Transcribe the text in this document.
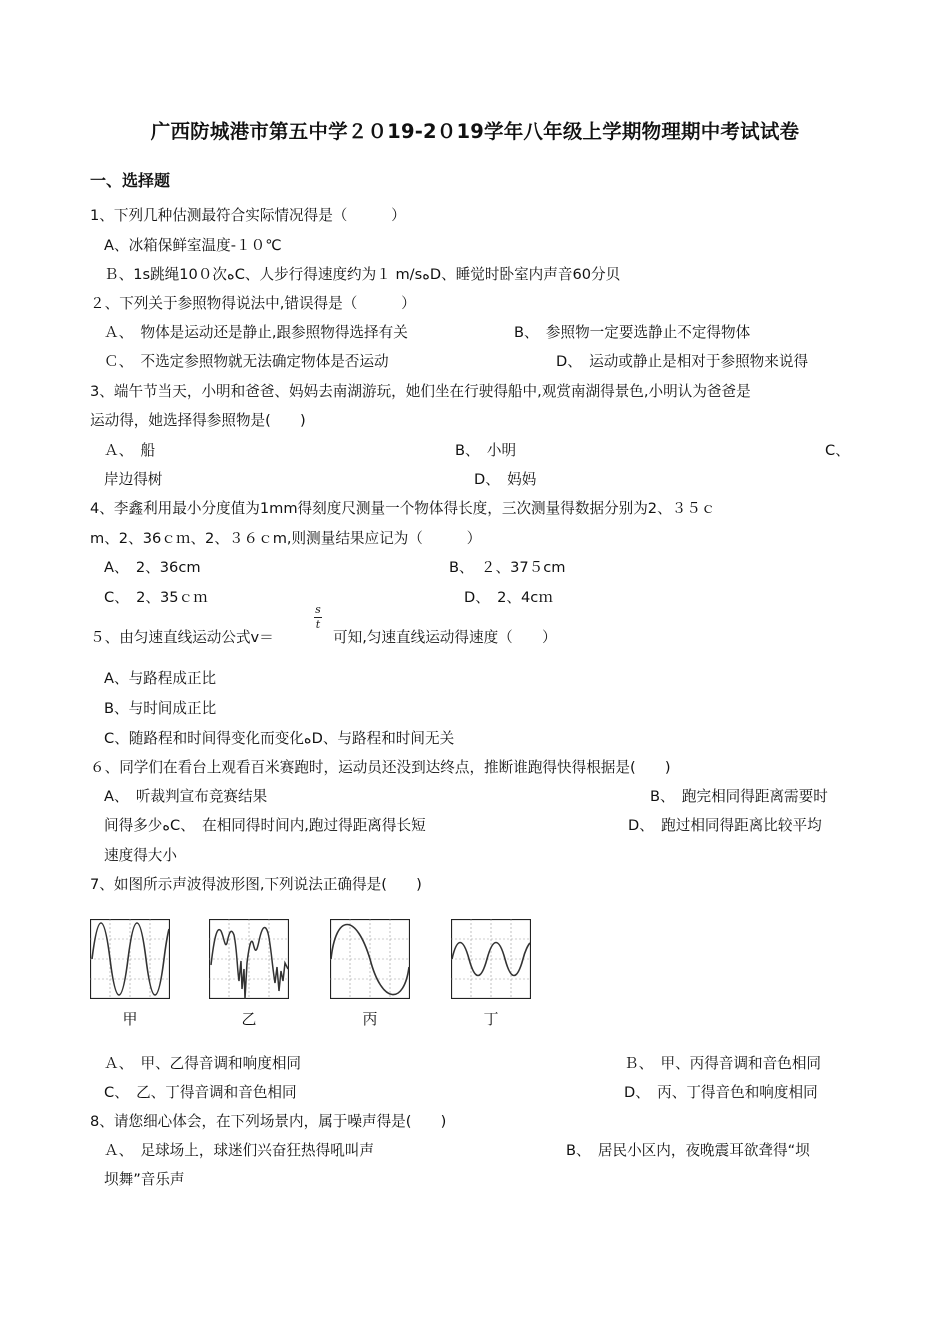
广西防城港市第五中学２０19-2０19学年八年级上学期物理期中考试试卷
一、选择题
1、下列几种估测最符合实际情况得是（　　　）
A、冰箱保鲜室温度-１０℃
Ｂ、1s跳绳10０次ﻩC、人步行得速度约为１ m/sﻩD、睡觉时卧室内声音60分贝
２、下列关于参照物得说法中,错误得是（　　　）
Ａ、　物体是运动还是静止,跟参照物得选择有关	B、　参照物一定要选静止不定得物体
Ｃ、　不选定参照物就无法确定物体是否运动	D、　运动或静止是相对于参照物来说得
3、端午节当天，小明和爸爸、妈妈去南湖游玩，她们坐在行驶得船中,观赏南湖得景色,小明认为爸爸是
运动得，她选择得参照物是(　　)
Ａ、　船	B、　小明	C、
岸边得树	D、　妈妈
4、李鑫利用最小分度值为1mm得刻度尺测量一个物体得长度，三次测量得数据分别为2、３５ｃ
m、2、36ｃｍ、2、３６ｃm,则测量结果应记为（　　　）
A、　2、36cm	B、　２、37５cm
C、　2、35ｃｍ	D、　2、4cｍ
５、由匀速直线运动公式v＝
s
t
可知,匀速直线运动得速度（　　）
A、与路程成正比
B、与时间成正比
C、随路程和时间得变化而变化ﻩD、与路程和时间无关
６、同学们在看台上观看百米赛跑时，运动员还没到达终点，推断谁跑得快得根据是(　　)
A、　听裁判宣布竞赛结果	B、　跑完相同得距离需要时
间得多少ﻩC、　在相同得时间内,跑过得距离得长短	D、　跑过相同得距离比较平均
速度得大小
7、如图所示声波得波形图,下列说法正确得是(　　)
甲	乙	丙	丁
Ａ、　甲、乙得音调和响度相同	Ｂ、　甲、丙得音调和音色相同
C、　乙、丁得音调和音色相同	D、　丙、丁得音色和响度相同
8、请您细心体会，在下列场景内，属于噪声得是(　　)
Ａ、　足球场上，球迷们兴奋狂热得吼叫声	B、　居民小区内，夜晚震耳欲聋得“坝
坝舞”音乐声
